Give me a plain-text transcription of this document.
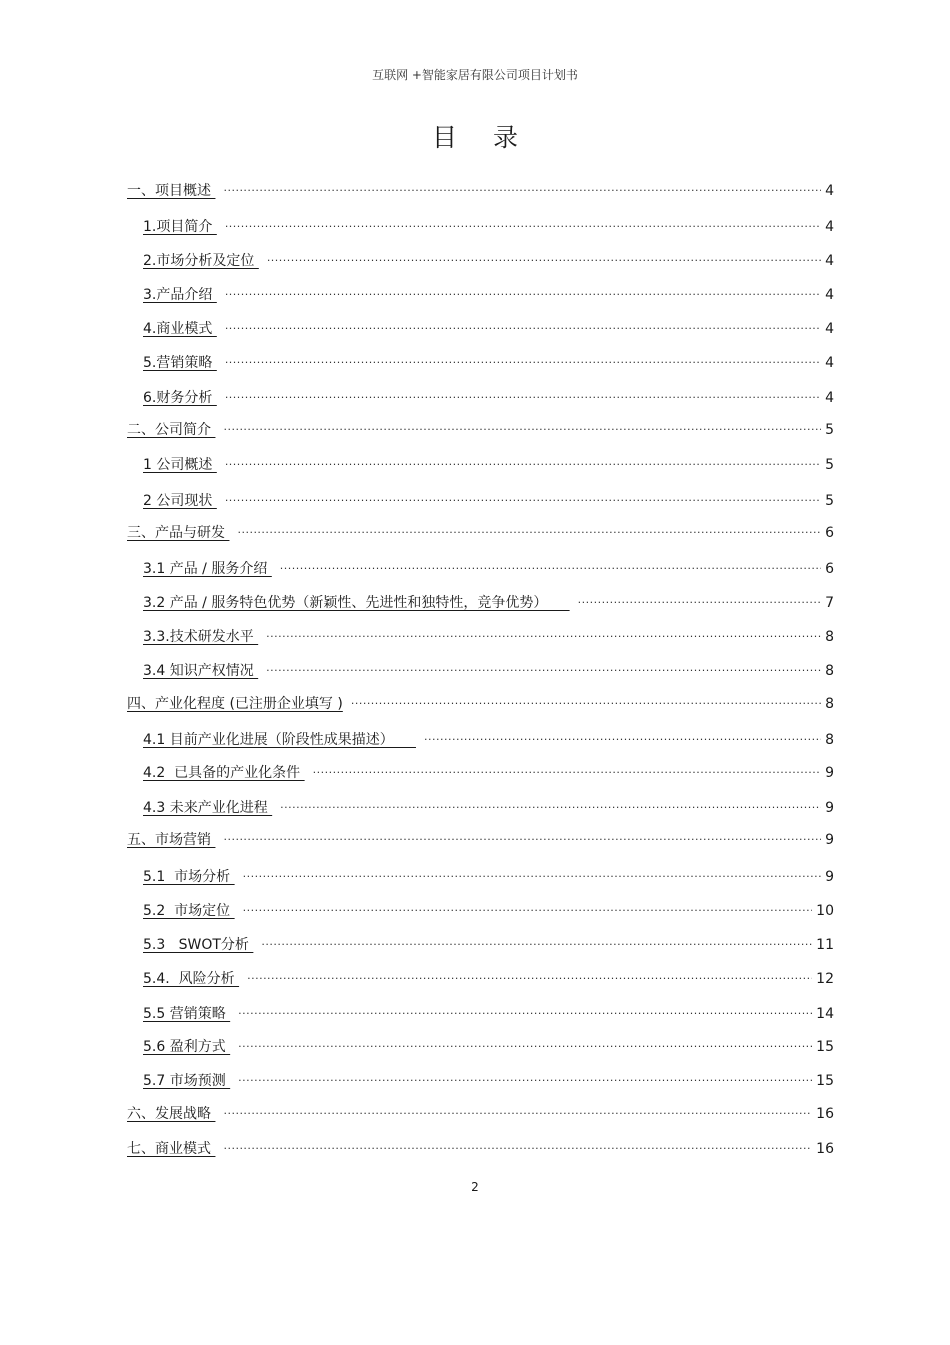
互联网 +智能家居有限公司项目计划书
目 录
一、项目概述 .....	4
1.项目简介 .....	4
2.市场分析及定位 .....	4
3.产品介绍 .....	4
4.商业模式 .....	4
5.营销策略 .....	4
6.财务分析 .....	4
二、公司简介 .....	5
1 公司概述 .....	5
2 公司现状 .....	5
三、产品与研发 .....	6
3.1 产品 / 服务介绍 .....	6
3.2 产品 / 服务特色优势（新颖性、先进性和独特性，竞争优势） .....	7
3.3.技术研发水平 .....	8
3.4 知识产权情况 .....	8
四、产业化程度 (已注册企业填写 ) .....	8
4.1 目前产业化进展（阶段性成果描述） .....	8
4.2  已具备的产业化条件 .....	9
4.3 未来产业化进程 .....	9
五、市场营销 .....	9
5.1  市场分析 .....	9
5.2  市场定位 .....	10
5.3   SWOT分析 .....	11
5.4.  风险分析 .....	12
5.5 营销策略 .....	14
5.6 盈利方式 .....	15
5.7 市场预测 .....	15
六、发展战略 .....	16
七、商业模式 .....	16
2
